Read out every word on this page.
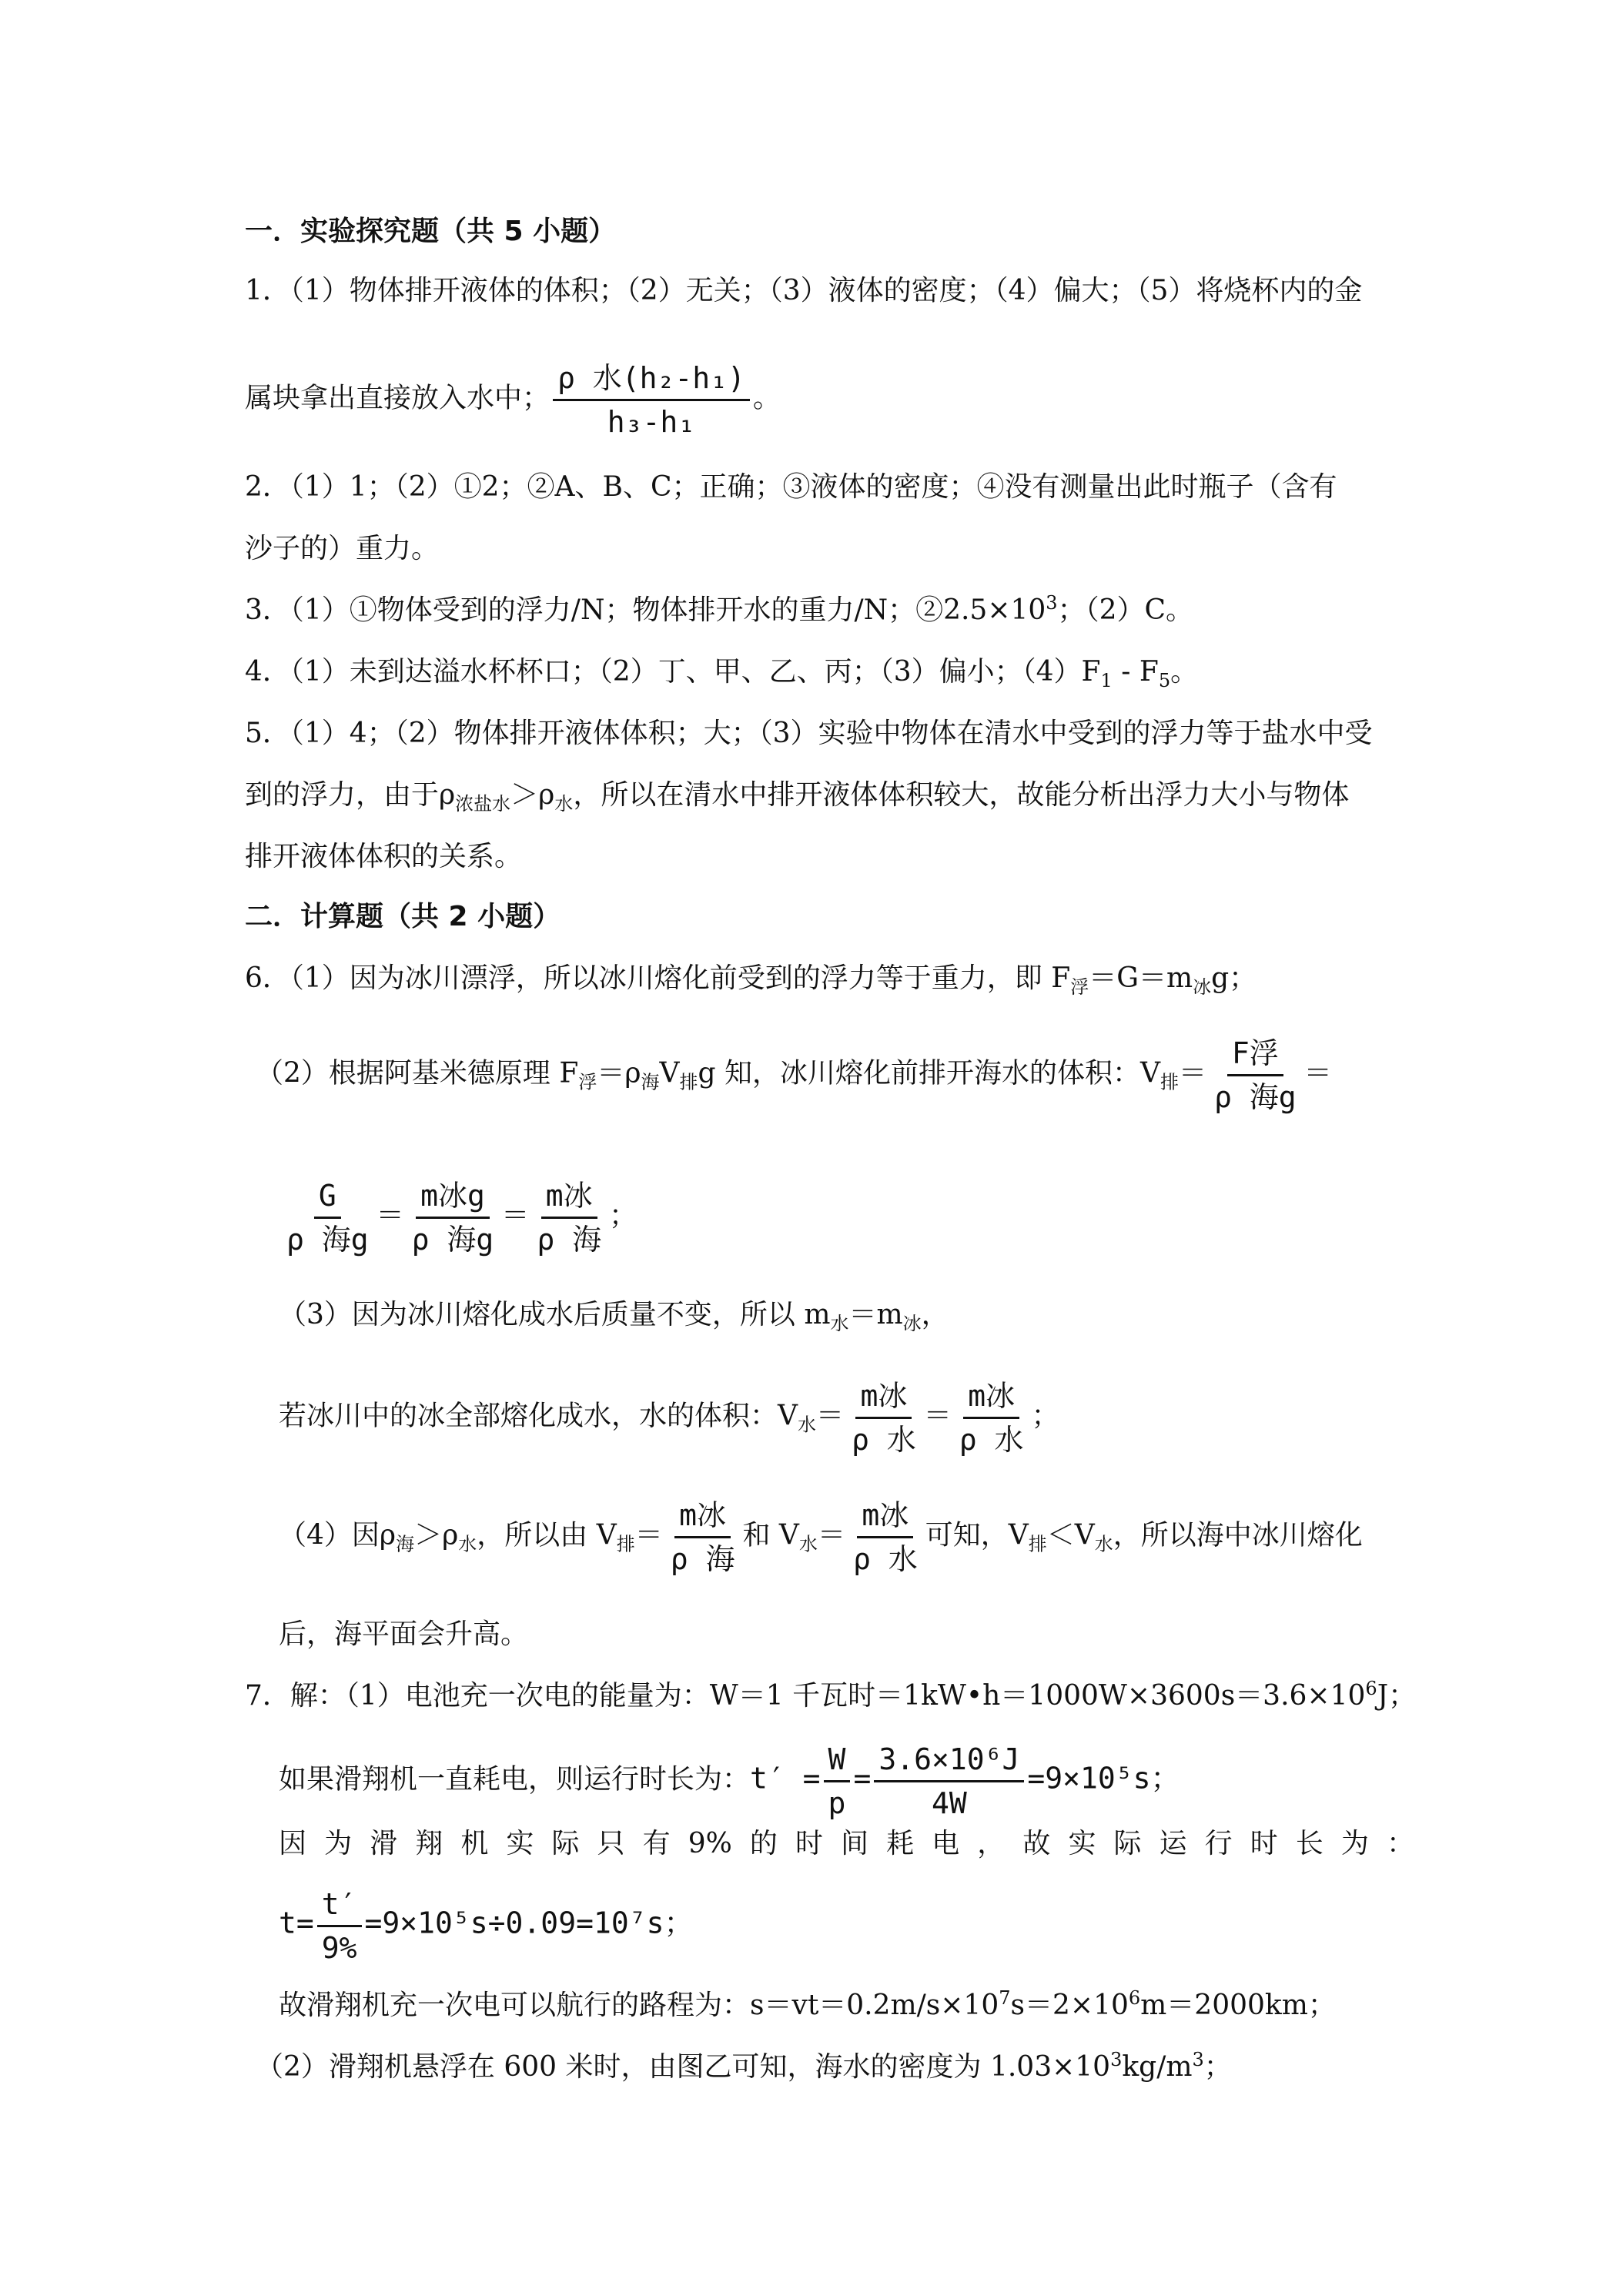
一．实验探究题（共 5 小题）
1．（1）物体排开液体的体积；（2）无关；（3）液体的密度；（4）偏大；（5）将烧杯内的金
属块拿出直接放入水中； $\frac{\text{ρ 水(h₂-h₁)}}{\text{h₃-h₁}}$ 。
2．（1）1；（2）①2；②A、B、C；正确；③液体的密度；④没有测量出此时瓶子（含有
沙子的）重力。
3．（1）①物体受到的浮力/N；物体排开水的重力/N；$②2.5\times 10^3$；（2）C。
4．（1）未到达溢水杯杯口；（2）丁、甲、乙、丙；（3）偏小；$(4)F_1 - F_5$。
5．（1）4；（2）物体排开液体体积；大；（3）实验中物体在清水中受到的浮力等于盐水中受
到的浮力，由于$\rho_{浓盐水}>\rho_水$，所以在清水中排开液体体积较大，故能分析出浮力大小与物体
排开液体体积的关系。
二．计算题（共 2 小题）
6．（1）因为冰川漂浮，所以冰川熔化前受到的浮力等于重力，即 $F_浮=G=m_冰g$；
（2）根据阿基米德原理 $F_浮=\rho_海V_排g$ 知，冰川熔化前排开海水的体积：$V_排= \frac{\text{F浮}}{\text{ρ 海g}}$ ＝
$\frac{G}{\text{ρ 海g}} = \frac{\text{m冰g}}{\text{ρ 海g}} = \frac{\text{m冰}}{\text{ρ 海}}$ ；
（3）因为冰川熔化成水后质量不变，所以 $m_水=m_冰$，
若冰川中的冰全部熔化成水，水的体积：$V_水= \frac{\text{m冰}}{\text{ρ 水}} = \frac{\text{m冰}}{\text{ρ 水}}$ ；
（4）因$\rho_海>\rho_水$，所以由 $V_排= \frac{\text{m冰}}{\text{ρ 海}}$ 和 $V_水= \frac{\text{m冰}}{\text{ρ 水}}$ 可知，$V_排<V_水$，所以海中冰川熔化
后，海平面会升高。
7．解：（1）电池充一次电的能量为：W＝1 千瓦时$=1kW•h=1000W\times 3600s=3.6\times 10^6J$；
如果滑翔机一直耗电，则运行时长为：$t' = \frac{W}{p} = \frac{\text{3.6×10⁶J}}{4W} =9\times 10^5s$；
因 为 滑 翔 机 实 际 只 有 9% 的 时 间 耗 电 ， 故 实 际 运 行 时 长 为 ：
$t= \frac{t'}{9\%} =9\times 10^5s\div 0.09=10^7s$；
故滑翔机充一次电可以航行的路程为：$s=vt=0.2m/s\times 10^7s=2\times 10^6m=2000km$；
（2）滑翔机悬浮在 600 米时，由图乙可知，海水的密度为 $1.03\times 10^3kg/m^3$；
